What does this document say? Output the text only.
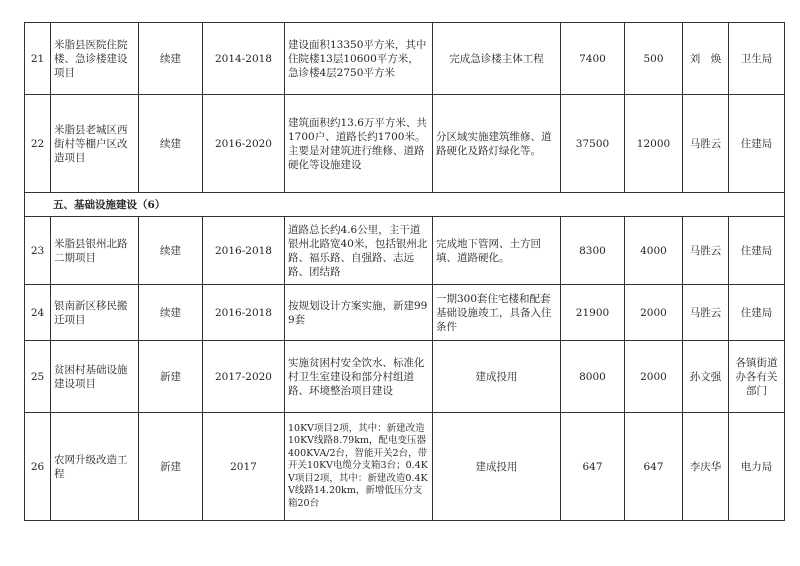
21	米脂县医院住院楼、急诊楼建设项目	续建	2014-2018	建设面积13350平方米，其中住院楼13层10600平方米，急诊楼4层2750平方米	完成急诊楼主体工程	7400	500	刘　焕	卫生局
22	米脂县老城区西街村等棚户区改造项目	续建	2016-2020	建筑面积约13.6万平方米、共1700户、道路长约1700米。主要是对建筑进行维修、道路硬化等设施建设	分区域实施建筑维修、道路硬化及路灯绿化等。	37500	12000	马胜云	住建局
五、基础设施建设（6）									
23	米脂县银州北路二期项目	续建	2016-2018	道路总长约4.6公里，主干道银州北路宽40米，包括银州北路、福乐路、自强路、志远路、团结路	完成地下管网、土方回填、道路硬化。	8300	4000	马胜云	住建局
24	银南新区移民搬迁项目	续建	2016-2018	按规划设计方案实施，新建999套	一期300套住宅楼和配套基础设施竣工，具备入住条件	21900	2000	马胜云	住建局
25	贫困村基础设施建设项目	新建	2017-2020	实施贫困村安全饮水、标准化村卫生室建设和部分村组道路、环境整治项目建设	建成投用	8000	2000	孙文强	各镇街道办各有关部门
26	农网升级改造工程	新建	2017	10KV项目2项，其中：新建改造10KV线路8.79km，配电变压器400KVA/2台，智能开关2台，带开关10KV电缆分支箱3台；0.4KV项目2项，其中：新建改造0.4KV线路14.20km，新增低压分支箱20台	建成投用	647	647	李庆华	电力局
